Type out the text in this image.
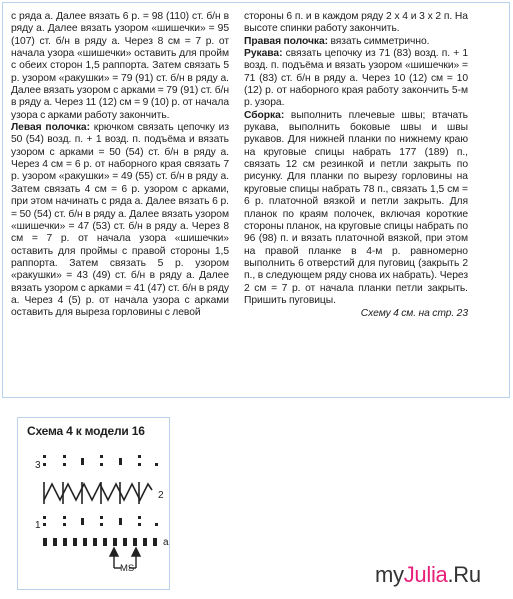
с ряда а. Далее вязать 6 р. = 98 (110) ст. б/н в ряду а. Далее вязать узором «шишечки» = 95 (107) ст. б/н в ряду а. Через 8 см = 7 р. от начала узора «шишечки» оставить для пройм с обеих сторон 1,5 раппорта. Затем связать 5 р. узором «ракушки» = 79 (91) ст. б/н в ряду а. Далее вязать узором с арками = 79 (91) ст. б/н в ряду а. Через 11 (12) см = 9 (10) р. от начала узора с арками работу закончить.

Левая полочка: крючком связать цепочку из 50 (54) возд. п. + 1 возд. п. подъёма и вязать узором с арками = 50 (54) ст. б/н в ряду а. Через 4 см = 6 р. от наборного края связать 7 р. узором «ракушки» = 49 (55) ст. б/н в ряду а. Затем связать 4 см = 6 р. узором с арками, при этом начинать с ряда а. Далее вязать 6 р. = 50 (54) ст. б/н в ряду а. Далее вязать узором «шишечки» = 47 (53) ст. б/н в ряду а. Через 8 см = 7 р. от начала узора «шишечки» оставить для проймы с правой стороны 1,5 раппорта. Затем связать 5 р. узором «ракушки» = 43 (49) ст. б/н в ряду а. Далее вязать узором с арками = 41 (47) ст. б/н в ряду а. Через 4 (5) р. от начала узора с арками оставить для выреза горловины с левой

стороны 6 п. и в каждом ряду 2 х 4 и 3 х 2 п. На высоте спинки работу закончить.

Правая полочка: вязать симметрично.

Рукава: связать цепочку из 71 (83) возд. п. + 1 возд. п. подъёма и вязать узором «шишечки» = 71 (83) ст. б/н в ряду а. Через 10 (12) см = 10 (12) р. от наборного края работу закончить 5-м р. узора.

Сборка: выполнить плечевые швы; втачать рукава, выполнить боковые швы и швы рукавов. Для нижней планки по нижнему краю на круговые спицы набрать 177 (189) п., связать 12 см резинкой и петли закрыть по рисунку. Для планки по вырезу горловины на круговые спицы набрать 78 п., связать 1,5 см = 6 р. платочной вязкой и петли закрыть. Для планок по краям полочек, включая короткие стороны планок, на круговые спицы набрать по 96 (98) п. и вязать платочной вязкой, при этом на правой планке в 4-м р. равномерно выполнить 6 отверстий для пуговиц (закрыть 2 п., в следующем ряду снова их набрать). Через 2 см = 7 р. от начала планки петли закрыть. Пришить пуговицы.

Схему 4 см. на стр. 23

Схема 4 к модели 16
3
2
1
a
MS	myJulia.Ru
